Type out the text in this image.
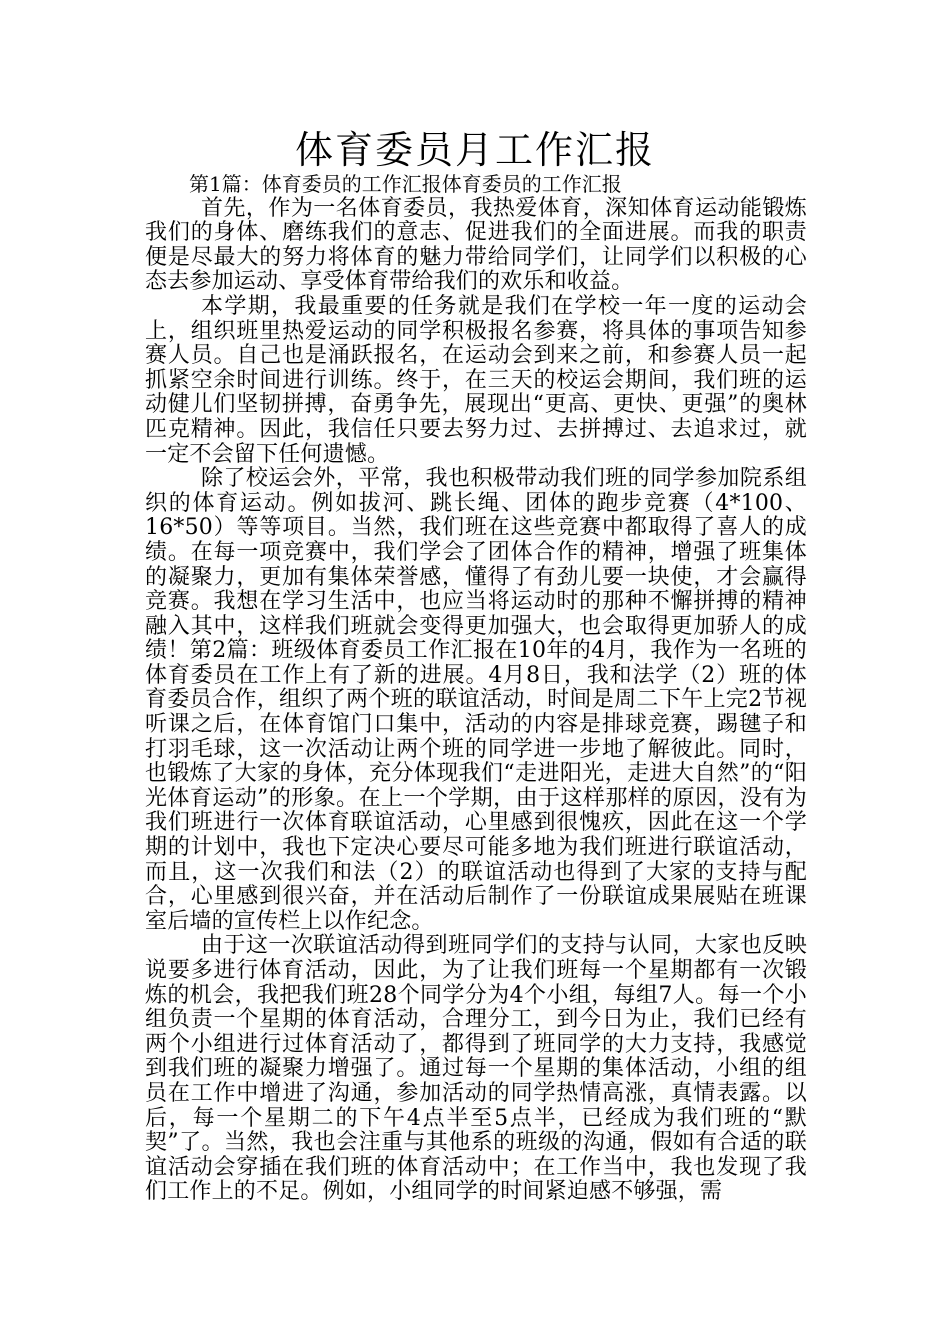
体育委员月工作汇报

第1篇：体育委员的工作汇报体育委员的工作汇报

首先，作为一名体育委员，我热爱体育，深知体育运动能锻炼我们的身体、磨练我们的意志、促进我们的全面进展。而我的职责便是尽最大的努力将体育的魅力带给同学们，让同学们以积极的心态去参加运动、享受体育带给我们的欢乐和收益。

本学期，我最重要的任务就是我们在学校一年一度的运动会上，组织班里热爱运动的同学积极报名参赛，将具体的事项告知参赛人员。自己也是涌跃报名，在运动会到来之前，和参赛人员一起抓紧空余时间进行训练。终于，在三天的校运会期间，我们班的运动健儿们坚韧拼搏，奋勇争先，展现出“更高、更快、更强”的奥林匹克精神。因此，我信任只要去努力过、去拼搏过、去追求过，就一定不会留下任何遗憾。

除了校运会外，平常，我也积极带动我们班的同学参加院系组织的体育运动。例如拔河、跳长绳、团体的跑步竞赛（4*100、16*50）等等项目。当然，我们班在这些竞赛中都取得了喜人的成绩。在每一项竞赛中，我们学会了团体合作的精神，增强了班集体的凝聚力，更加有集体荣誉感，懂得了有劲儿要一块使，才会赢得竞赛。我想在学习生活中，也应当将运动时的那种不懈拼搏的精神融入其中，这样我们班就会变得更加强大，也会取得更加骄人的成绩！第2篇：班级体育委员工作汇报在10年的4月，我作为一名班的体育委员在工作上有了新的进展。4月8日，我和法学（2）班的体育委员合作，组织了两个班的联谊活动，时间是周二下午上完2节视听课之后，在体育馆门口集中，活动的内容是排球竞赛，踢毽子和打羽毛球，这一次活动让两个班的同学进一步地了解彼此。同时，也锻炼了大家的身体，充分体现我们“走进阳光，走进大自然”的“阳光体育运动”的形象。在上一个学期，由于这样那样的原因，没有为我们班进行一次体育联谊活动，心里感到很愧疚，因此在这一个学期的计划中，我也下定决心要尽可能多地为我们班进行联谊活动，而且，这一次我们和法（2）的联谊活动也得到了大家的支持与配合，心里感到很兴奋，并在活动后制作了一份联谊成果展贴在班课室后墙的宣传栏上以作纪念。

由于这一次联谊活动得到班同学们的支持与认同，大家也反映说要多进行体育活动，因此，为了让我们班每一个星期都有一次锻炼的机会，我把我们班28个同学分为4个小组，每组7人。每一个小组负责一个星期的体育活动，合理分工，到今日为止，我们已经有两个小组进行过体育活动了，都得到了班同学的大力支持，我感觉到我们班的凝聚力增强了。通过每一个星期的集体活动，小组的组员在工作中增进了沟通，参加活动的同学热情高涨，真情表露。以后，每一个星期二的下午4点半至5点半，已经成为我们班的“默契”了。当然，我也会注重与其他系的班级的沟通，假如有合适的联谊活动会穿插在我们班的体育活动中；在工作当中，我也发现了我们工作上的不足。例如，小组同学的时间紧迫感不够强，需
